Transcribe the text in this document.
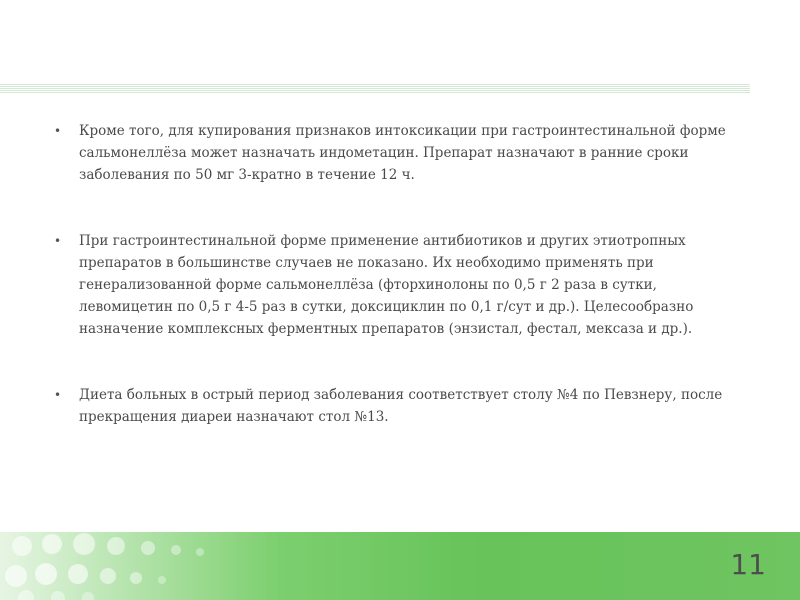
• Кроме того, для купирования признаков интоксикации при гастроинтестинальной форме сальмонеллёза может назначать индометацин. Препарат назначают в ранние сроки заболевания по 50 мг 3-кратно в течение 12 ч.

• При гастроинтестинальной форме применение антибиотиков и других этиотропных препаратов в большинстве случаев не показано. Их необходимо применять при генерализованной форме сальмонеллёза (фторхинолоны по 0,5 г 2 раза в сутки, левомицетин по 0,5 г 4-5 раз в сутки, доксициклин по 0,1 г/сут и др.). Целесообразно назначение комплексных ферментных препаратов (энзистал, фестал, мексаза и др.).

• Диета больных в острый период заболевания соответствует столу №4 по Певзнеру, после прекращения диареи назначают стол №13.

11
